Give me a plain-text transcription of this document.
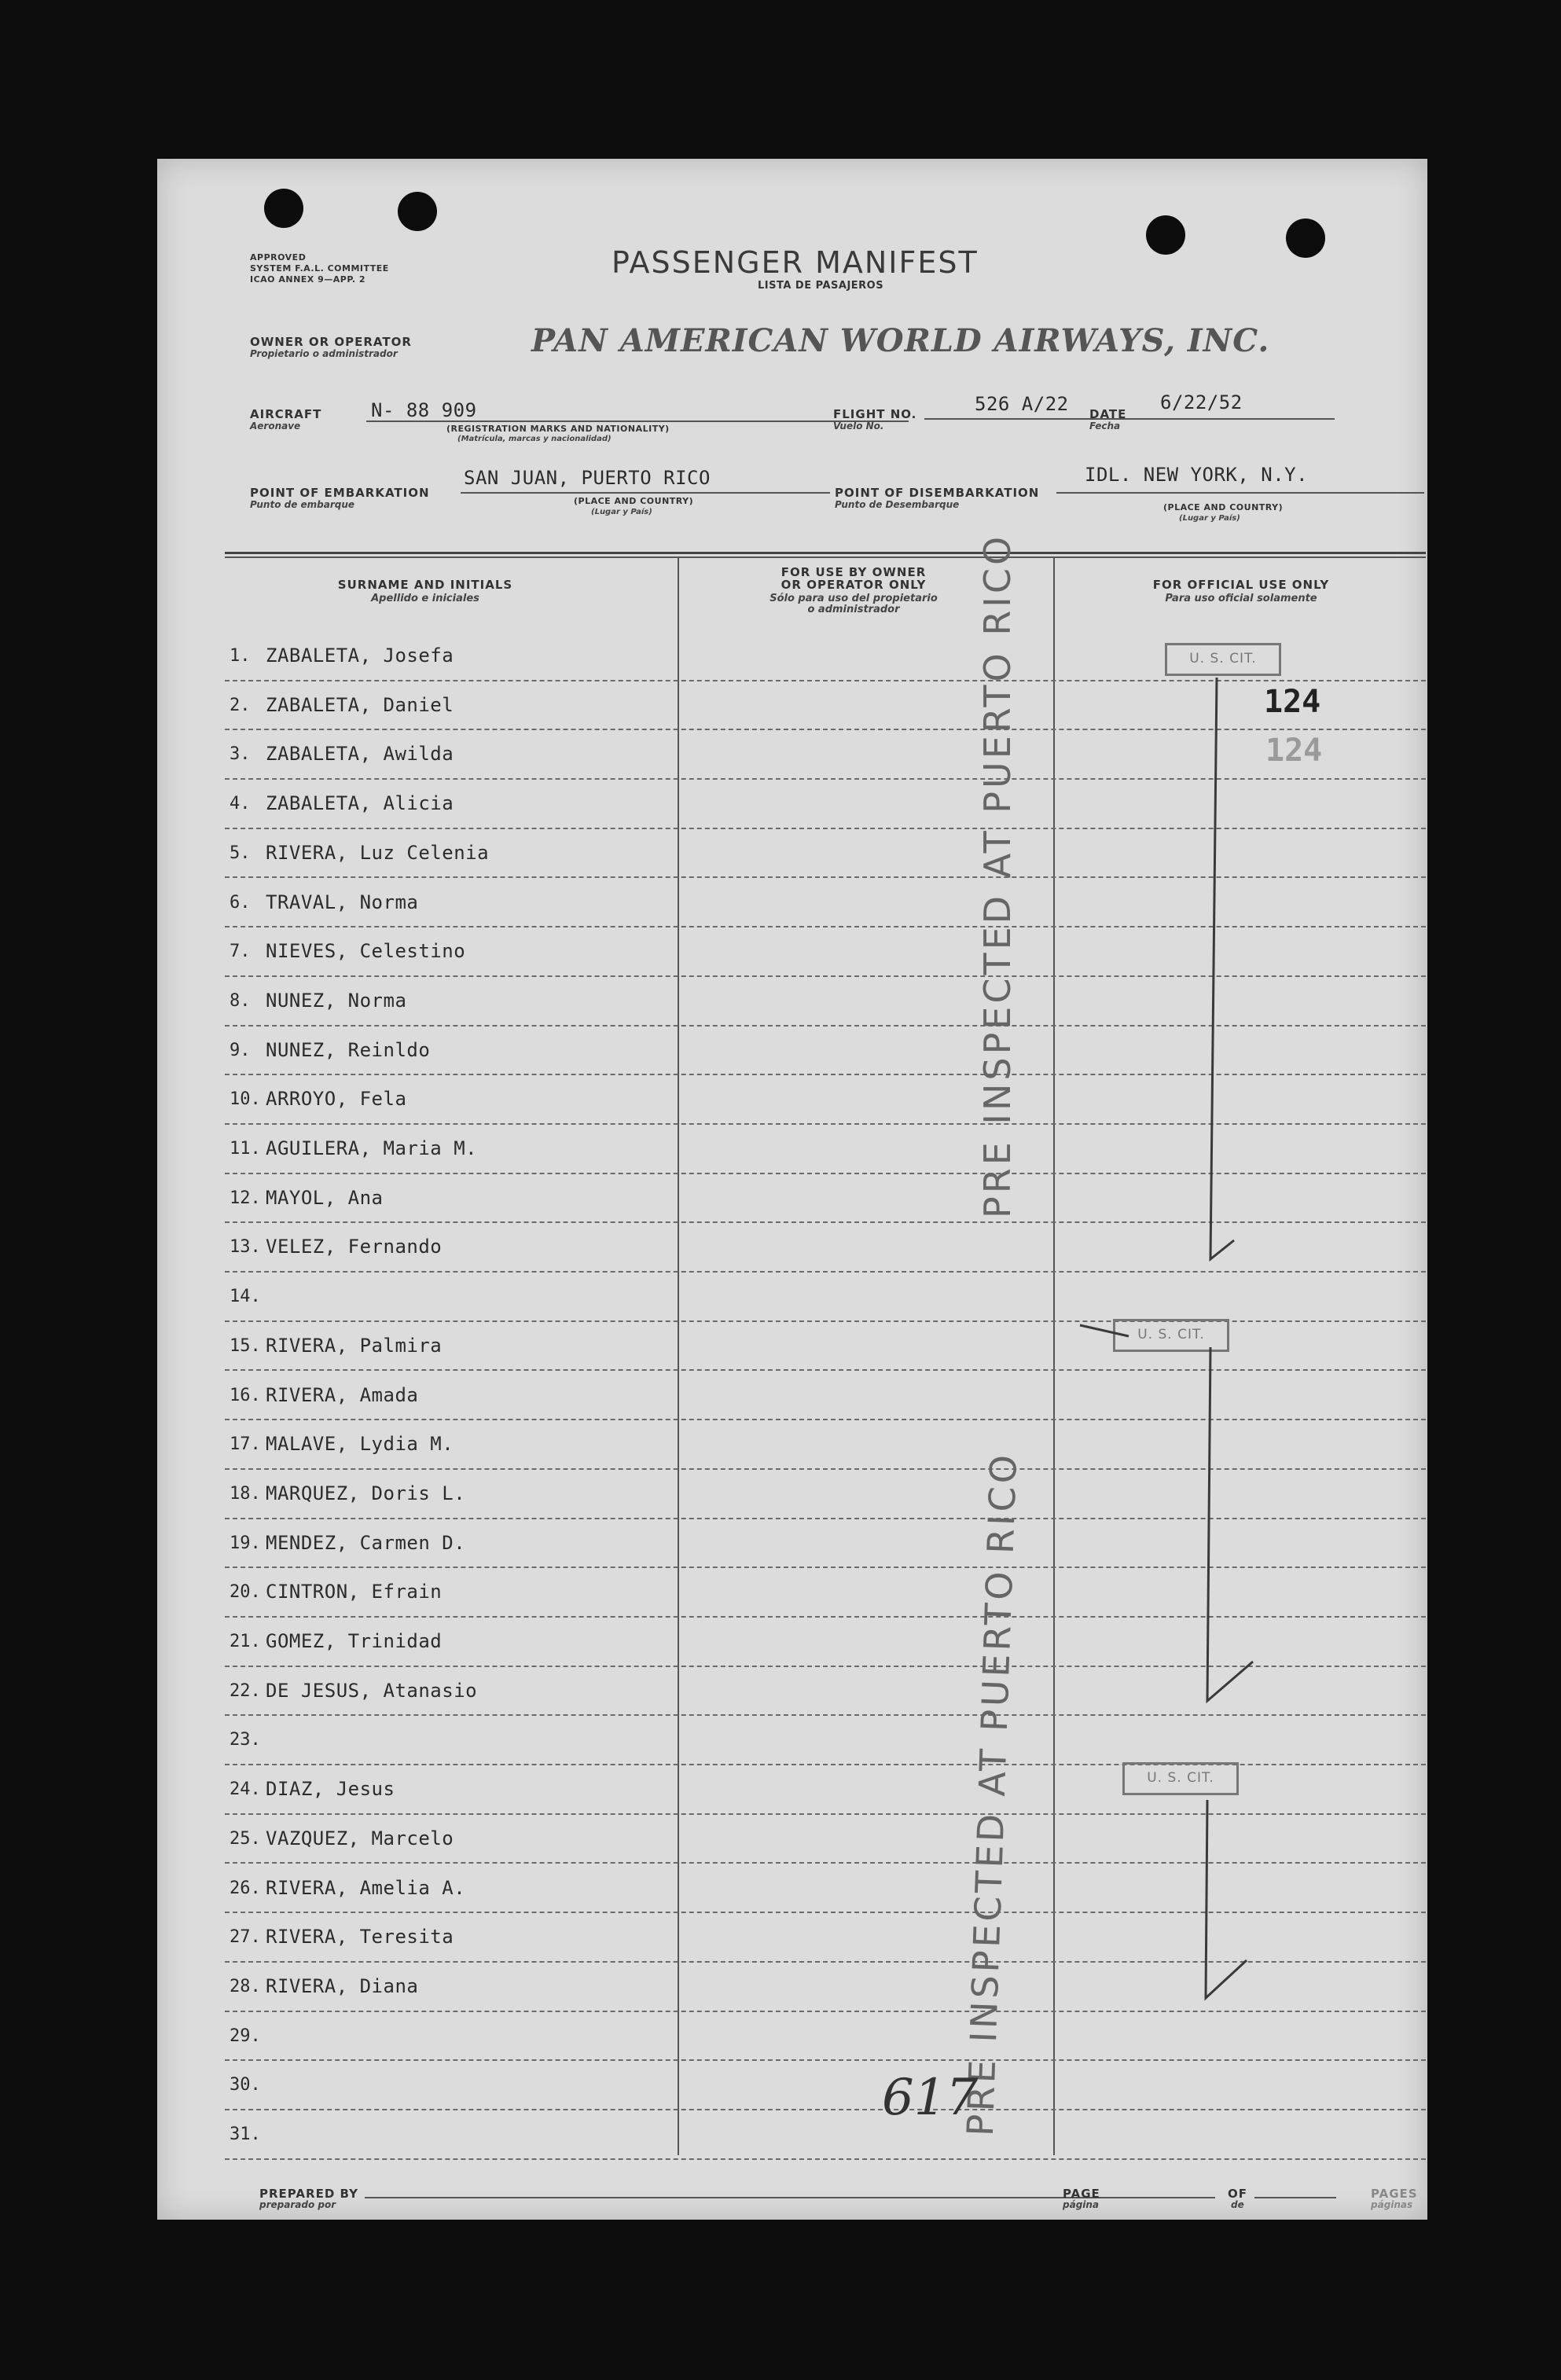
APPROVED
SYSTEM F.A.L. COMMITTEE
ICAO ANNEX 9—APP. 2	PASSENGER MANIFEST
LISTA DE PASAJEROS
OWNER OR OPERATOR
Propietario o administrador	PAN AMERICAN WORLD AIRWAYS, INC.
AIRCRAFT
Aeronave
N- 88 909
(REGISTRATION MARKS AND NATIONALITY)
(Matrícula, marcas y nacionalidad)
FLIGHT NO.
Vuelo No.
526 A/22 DATE
Fecha
6/22/52
POINT OF EMBARKATION
Punto de embarque
SAN JUAN, PUERTO RICO
(PLACE AND COUNTRY)
(Lugar y País)
POINT OF DISEMBARKATION
Punto de Desembarque
IDL. NEW YORK, N.Y.
(PLACE AND COUNTRY)
(Lugar y País)
SURNAME AND INITIALS
Apellido e iniciales
FOR USE BY OWNER
OR OPERATOR ONLY
Sólo para uso del propietario
o administrador
FOR OFFICIAL USE ONLY
Para uso oficial solamente
1. ZABALETA, Josefa
2. ZABALETA, Daniel
3. ZABALETA, Awilda
4. ZABALETA, Alicia
5. RIVERA, Luz Celenia
6. TRAVAL, Norma
7. NIEVES, Celestino
8. NUNEZ, Norma
9. NUNEZ, Reinldo
10. ARROYO, Fela
11. AGUILERA, Maria M.
12. MAYOL, Ana
13. VELEZ, Fernando
14.
15. RIVERA, Palmira
16. RIVERA, Amada
17. MALAVE, Lydia M.
18. MARQUEZ, Doris L.
19. MENDEZ, Carmen D.
20. CINTRON, Efrain
21. GOMEZ, Trinidad
22. DE JESUS, Atanasio
23.
24. DIAZ, Jesus
25. VAZQUEZ, Marcelo
26. RIVERA, Amelia A.
27. RIVERA, Teresita
28. RIVERA, Diana
29.
30.
31.
U. S. CIT.
U. S. CIT.
U. S. CIT.
PRE INSPECTED AT PUERTO RICO
PRE INSPECTED AT PUERTO RICO
124
124
617
PREPARED BY
preparado por
PAGE
página
OF
de
PAGES
páginas
